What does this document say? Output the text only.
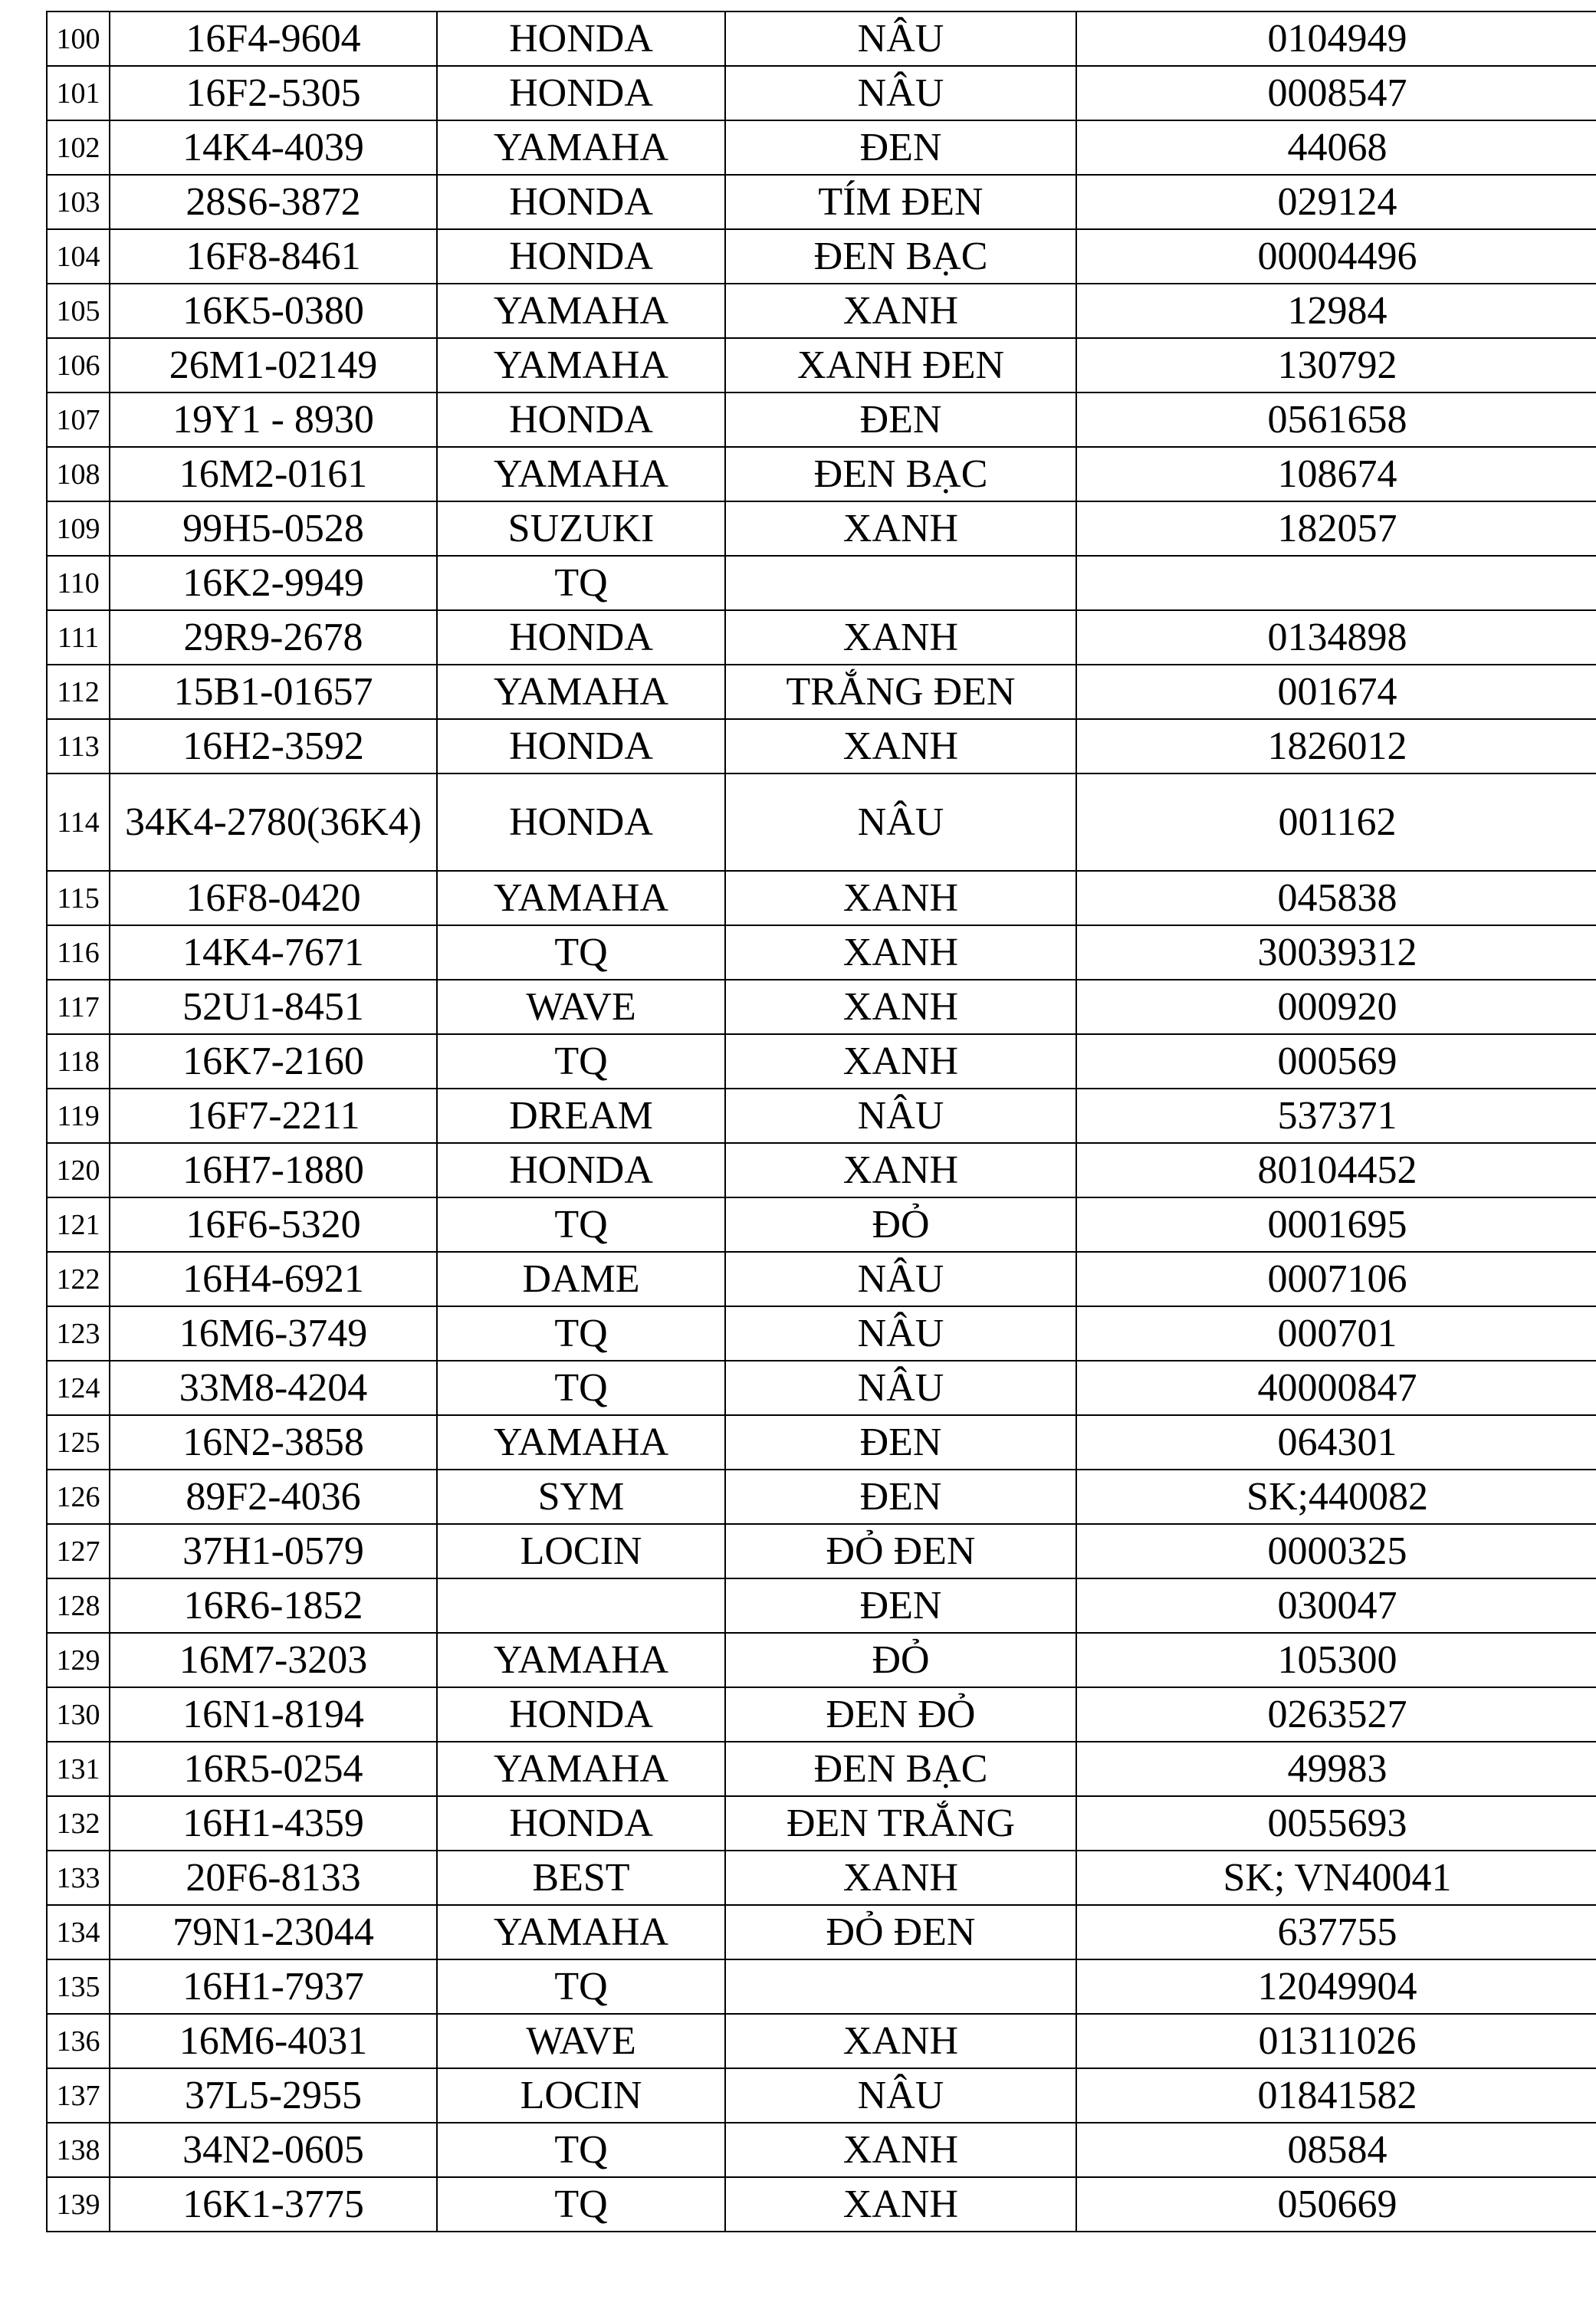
100	16F4-9604	HONDA	NÂU	0104949
101	16F2-5305	HONDA	NÂU	0008547
102	14K4-4039	YAMAHA	ĐEN	44068
103	28S6-3872	HONDA	TÍM ĐEN	029124
104	16F8-8461	HONDA	ĐEN BẠC	00004496
105	16K5-0380	YAMAHA	XANH	12984
106	26M1-02149	YAMAHA	XANH ĐEN	130792
107	19Y1 - 8930	HONDA	ĐEN	0561658
108	16M2-0161	YAMAHA	ĐEN BẠC	108674
109	99H5-0528	SUZUKI	XANH	182057
110	16K2-9949	TQ		
111	29R9-2678	HONDA	XANH	0134898
112	15B1-01657	YAMAHA	TRẮNG ĐEN	001674
113	16H2-3592	HONDA	XANH	1826012
114	34K4-2780(36K4)	HONDA	NÂU	001162
115	16F8-0420	YAMAHA	XANH	045838
116	14K4-7671	TQ	XANH	30039312
117	52U1-8451	WAVE	XANH	000920
118	16K7-2160	TQ	XANH	000569
119	16F7-2211	DREAM	NÂU	537371
120	16H7-1880	HONDA	XANH	80104452
121	16F6-5320	TQ	ĐỎ	0001695
122	16H4-6921	DAME	NÂU	0007106
123	16M6-3749	TQ	NÂU	000701
124	33M8-4204	TQ	NÂU	40000847
125	16N2-3858	YAMAHA	ĐEN	064301
126	89F2-4036	SYM	ĐEN	SK;440082
127	37H1-0579	LOCIN	ĐỎ ĐEN	0000325
128	16R6-1852		ĐEN	030047
129	16M7-3203	YAMAHA	ĐỎ	105300
130	16N1-8194	HONDA	ĐEN ĐỎ	0263527
131	16R5-0254	YAMAHA	ĐEN BẠC	49983
132	16H1-4359	HONDA	ĐEN TRẮNG	0055693
133	20F6-8133	BEST	XANH	SK; VN40041
134	79N1-23044	YAMAHA	ĐỎ ĐEN	637755
135	16H1-7937	TQ		12049904
136	16M6-4031	WAVE	XANH	01311026
137	37L5-2955	LOCIN	NÂU	01841582
138	34N2-0605	TQ	XANH	08584
139	16K1-3775	TQ	XANH	050669
